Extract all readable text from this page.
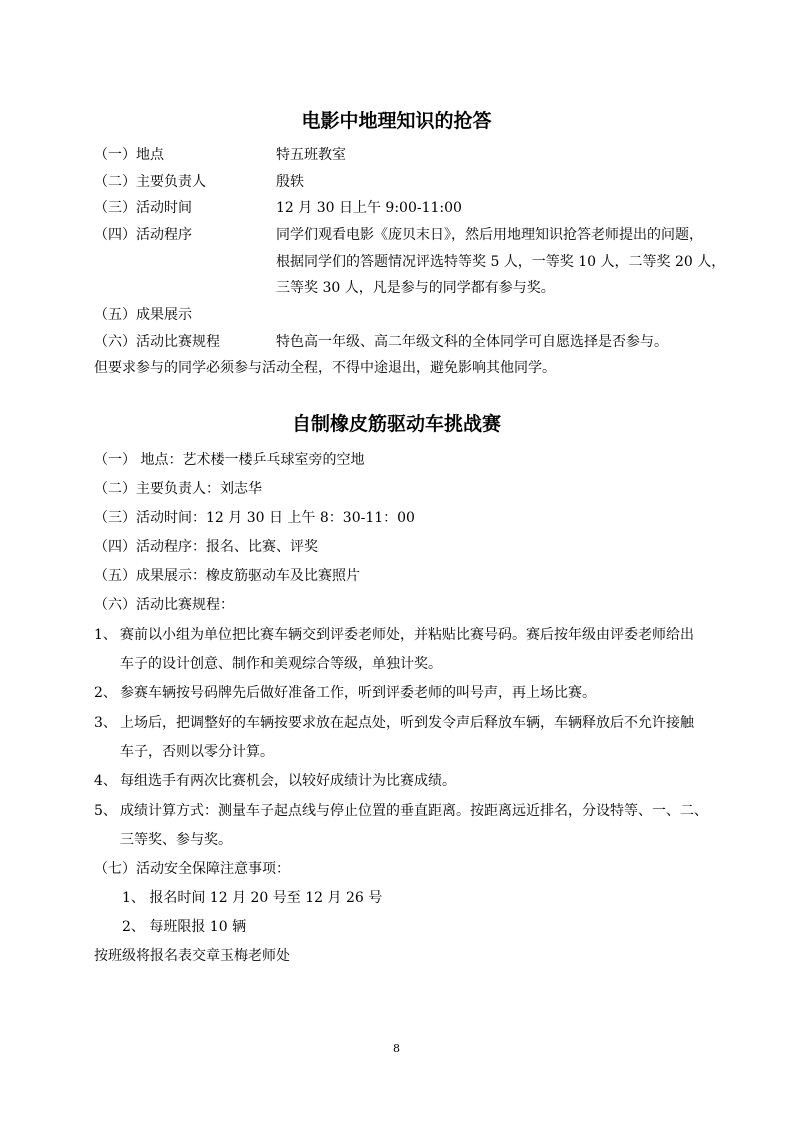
电影中地理知识的抢答
（一）地点	特五班教室
（二）主要负责人	殷轶
（三）活动时间	12 月 30 日上午 9:00-11:00
（四）活动程序	同学们观看电影《庞贝末日》，然后用地理知识抢答老师提出的问题，
根据同学们的答题情况评选特等奖 5 人，一等奖 10 人，二等奖 20 人，
三等奖 30 人，凡是参与的同学都有参与奖。
（五）成果展示
（六）活动比赛规程	特色高一年级、高二年级文科的全体同学可自愿选择是否参与。
但要求参与的同学必须参与活动全程，不得中途退出，避免影响其他同学。
自制橡皮筋驱动车挑战赛
（一） 地点：艺术楼一楼乒乓球室旁的空地
（二）主要负责人：刘志华
（三）活动时间：12 月 30 日 上午 8：30-11：00
（四）活动程序：报名、比赛、评奖
（五）成果展示：橡皮筋驱动车及比赛照片
（六）活动比赛规程：
1、 赛前以小组为单位把比赛车辆交到评委老师处，并粘贴比赛号码。赛后按年级由评委老师给出
车子的设计创意、制作和美观综合等级，单独计奖。
2、 参赛车辆按号码牌先后做好准备工作，听到评委老师的叫号声，再上场比赛。
3、 上场后，把调整好的车辆按要求放在起点处，听到发令声后释放车辆，车辆释放后不允许接触
车子，否则以零分计算。
4、 每组选手有两次比赛机会，以较好成绩计为比赛成绩。
5、 成绩计算方式：测量车子起点线与停止位置的垂直距离。按距离远近排名，分设特等、一、二、
三等奖、参与奖。
（七）活动安全保障注意事项：
1、 报名时间 12 月 20 号至 12 月 26 号
2、 每班限报 10 辆
按班级将报名表交章玉梅老师处
8
